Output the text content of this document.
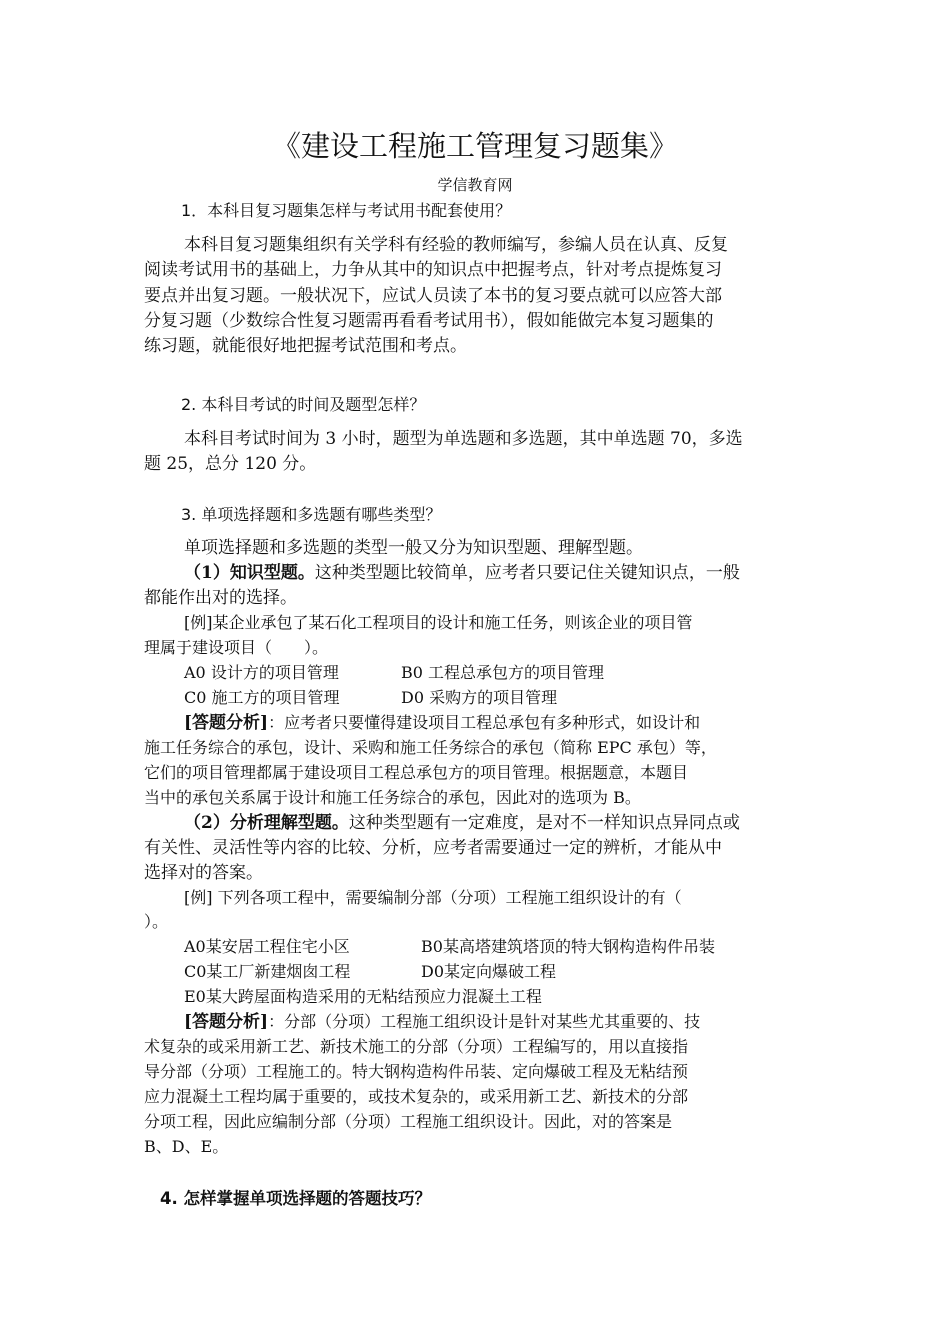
《建设工程施工管理复习题集》
学信教育网
1．本科目复习题集怎样与考试用书配套使用？
本科目复习题集组织有关学科有经验的教师编写，参编人员在认真、反复
阅读考试用书的基础上，力争从其中的知识点中把握考点，针对考点提炼复习
要点并出复习题。一般状况下，应试人员读了本书的复习要点就可以应答大部
分复习题（少数综合性复习题需再看看考试用书），假如能做完本复习题集的
练习题，就能很好地把握考试范围和考点。
2. 本科目考试的时间及题型怎样？
本科目考试时间为 3 小时，题型为单选题和多选题，其中单选题 70，多选
题 25，总分 120 分。
3. 单项选择题和多选题有哪些类型？
单项选择题和多选题的类型一般又分为知识型题、理解型题。
（1）知识型题。这种类型题比较简单，应考者只要记住关键知识点，一般
都能作出对的选择。
[例]某企业承包了某石化工程项目的设计和施工任务，则该企业的项目管
理属于建设项目（　　）。
A0 设计方的项目管理	B0 工程总承包方的项目管理
C0 施工方的项目管理	D0 采购方的项目管理
[答题分析]：应考者只要懂得建设项目工程总承包有多种形式，如设计和
施工任务综合的承包，设计、采购和施工任务综合的承包（简称 EPC 承包）等，
它们的项目管理都属于建设项目工程总承包方的项目管理。根据题意，本题目
当中的承包关系属于设计和施工任务综合的承包，因此对的选项为 B。
（2）分析理解型题。这种类型题有一定难度，是对不一样知识点异同点或
有关性、灵活性等内容的比较、分析，应考者需要通过一定的辨析，才能从中
选择对的答案。
[例] 下列各项工程中，需要编制分部（分项）工程施工组织设计的有（
）。
A0某安居工程住宅小区	B0某高塔建筑塔顶的特大钢构造构件吊装
C0某工厂新建烟囱工程	D0某定向爆破工程
E0某大跨屋面构造采用的无粘结预应力混凝土工程
[答题分析]：分部（分项）工程施工组织设计是针对某些尤其重要的、技
术复杂的或采用新工艺、新技术施工的分部（分项）工程编写的，用以直接指
导分部（分项）工程施工的。特大钢构造构件吊装、定向爆破工程及无粘结预
应力混凝土工程均属于重要的，或技术复杂的，或采用新工艺、新技术的分部
分项工程，因此应编制分部（分项）工程施工组织设计。因此，对的答案是
B、D、E。
4. 怎样掌握单项选择题的答题技巧？
